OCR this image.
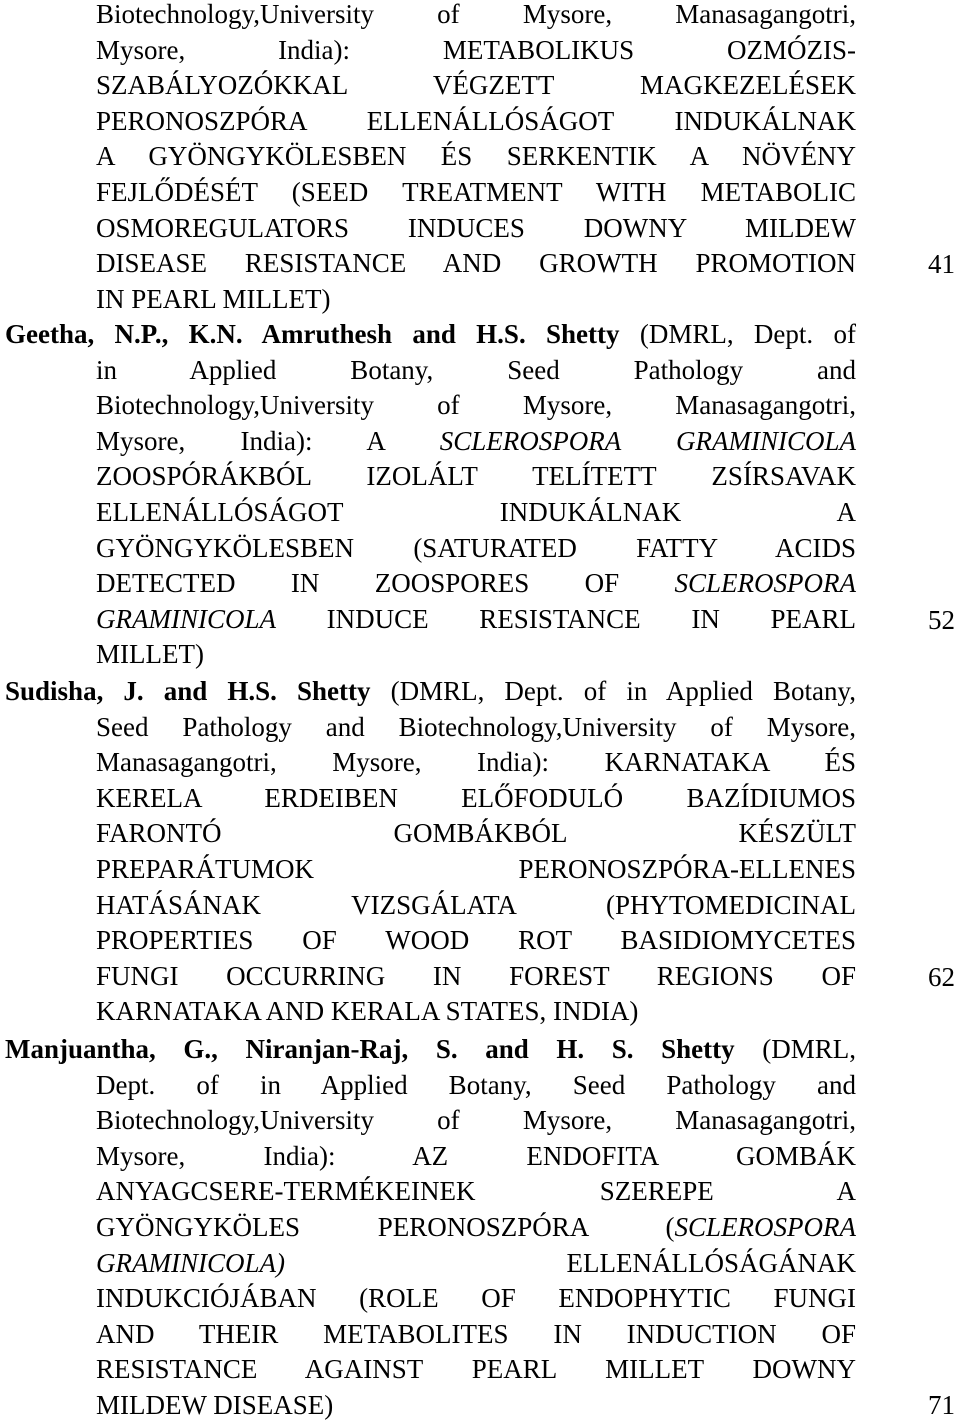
Biotechnology,University of Mysore, Manasagangotri,
Mysore, India): METABOLIKUS OZMÓZIS-
SZABÁLYOZÓKKAL VÉGZETT MAGKEZELÉSEK
PERONOSZPÓRA ELLENÁLLÓSÁGOT INDUKÁLNAK
A GYÖNGYKÖLESBEN ÉS SERKENTIK A NÖVÉNY
FEJLŐDÉSÉT (SEED TREATMENT WITH METABOLIC
OSMOREGULATORS INDUCES DOWNY MILDEW
DISEASE RESISTANCE AND GROWTH PROMOTION
IN PEARL MILLET)
41
Geetha, N.P., K.N. Amruthesh and H.S. Shetty (DMRL, Dept. of
in Applied Botany, Seed Pathology and
Biotechnology,University of Mysore, Manasagangotri,
Mysore, India): A SCLEROSPORA GRAMINICOLA
ZOOSPÓRÁKBÓL IZOLÁLT TELÍTETT ZSÍRSAVAK
ELLENÁLLÓSÁGOT INDUKÁLNAK A
GYÖNGYKÖLESBEN (SATURATED FATTY ACIDS
DETECTED IN ZOOSPORES OF SCLEROSPORA
GRAMINICOLA INDUCE RESISTANCE IN PEARL
MILLET)
52
Sudisha, J. and H.S. Shetty (DMRL, Dept. of in Applied Botany,
Seed Pathology and Biotechnology,University of Mysore,
Manasagangotri, Mysore, India): KARNATAKA ÉS
KERELA ERDEIBEN ELŐFODULÓ BAZÍDIUMOS
FARONTÓ GOMBÁKBÓL KÉSZÜLT
PREPARÁTUMOK PERONOSZPÓRA-ELLENES
HATÁSÁNAK VIZSGÁLATA (PHYTOMEDICINAL
PROPERTIES OF WOOD ROT BASIDIOMYCETES
FUNGI OCCURRING IN FOREST REGIONS OF
KARNATAKA AND KERALA STATES, INDIA)
62
Manjuantha, G., Niranjan-Raj, S. and H. S. Shetty (DMRL,
Dept. of in Applied Botany, Seed Pathology and
Biotechnology,University of Mysore, Manasagangotri,
Mysore, India): AZ ENDOFITA GOMBÁK
ANYAGCSERE-TERMÉKEINEK SZEREPE A
GYÖNGYKÖLES PERONOSZPÓRA (SCLEROSPORA
GRAMINICOLA) ELLENÁLLÓSÁGÁNAK
INDUKCIÓJÁBAN (ROLE OF ENDOPHYTIC FUNGI
AND THEIR METABOLITES IN INDUCTION OF
RESISTANCE AGAINST PEARL MILLET DOWNY
MILDEW DISEASE)	71
